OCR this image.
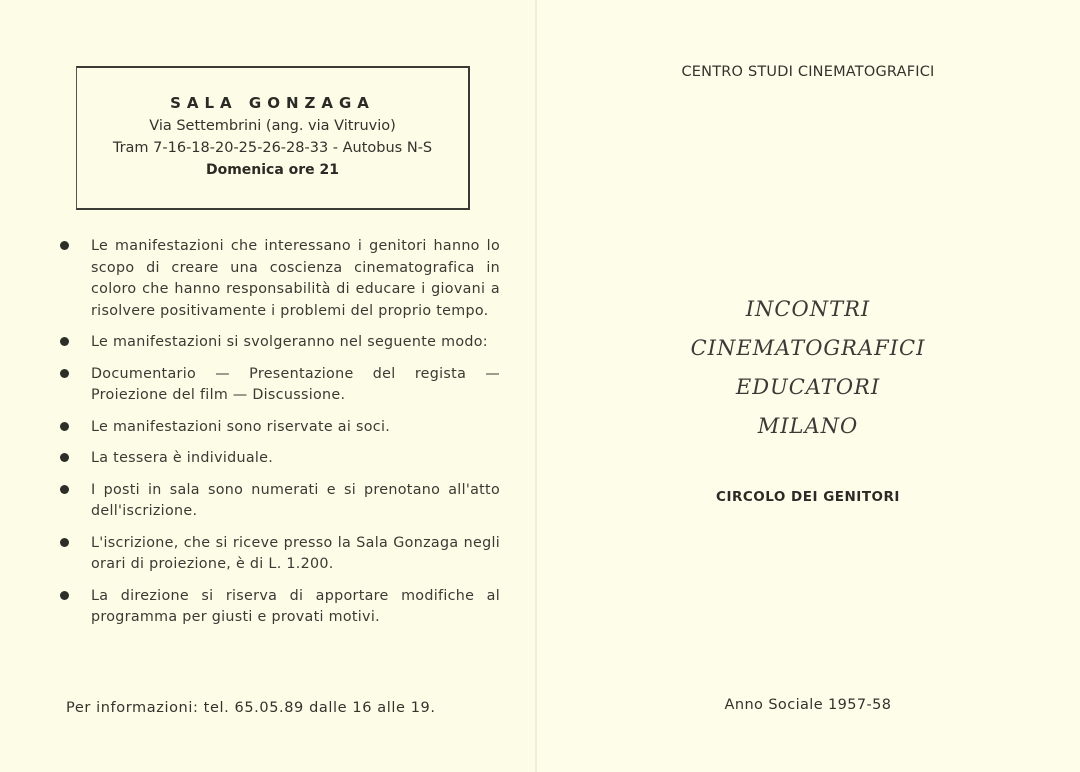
SALA GONZAGA
Via Settembrini (ang. via Vitruvio)
Tram 7-16-18-20-25-26-28-33 - Autobus N-S
Domenica ore 21
Le manifestazioni che interessano i genitori hanno lo scopo di creare una coscienza cinematografica in coloro che hanno responsabilità di educare i giovani a risolvere positivamente i problemi del proprio tempo.
Le manifestazioni si svolgeranno nel seguente modo:
Documentario — Presentazione del regista — Proiezione del film — Discussione.
Le manifestazioni sono riservate ai soci.
La tessera è individuale.
I posti in sala sono numerati e si prenotano all'atto dell'iscrizione.
L'iscrizione, che si riceve presso la Sala Gonzaga negli orari di proiezione, è di L. 1.200.
La direzione si riserva di apportare modifiche al programma per giusti e provati motivi.
Per informazioni: tel. 65.05.89 dalle 16 alle 19.
CENTRO STUDI CINEMATOGRAFICI
INCONTRI
CINEMATOGRAFICI
EDUCATORI
MILANO
CIRCOLO DEI GENITORI
Anno Sociale 1957-58
